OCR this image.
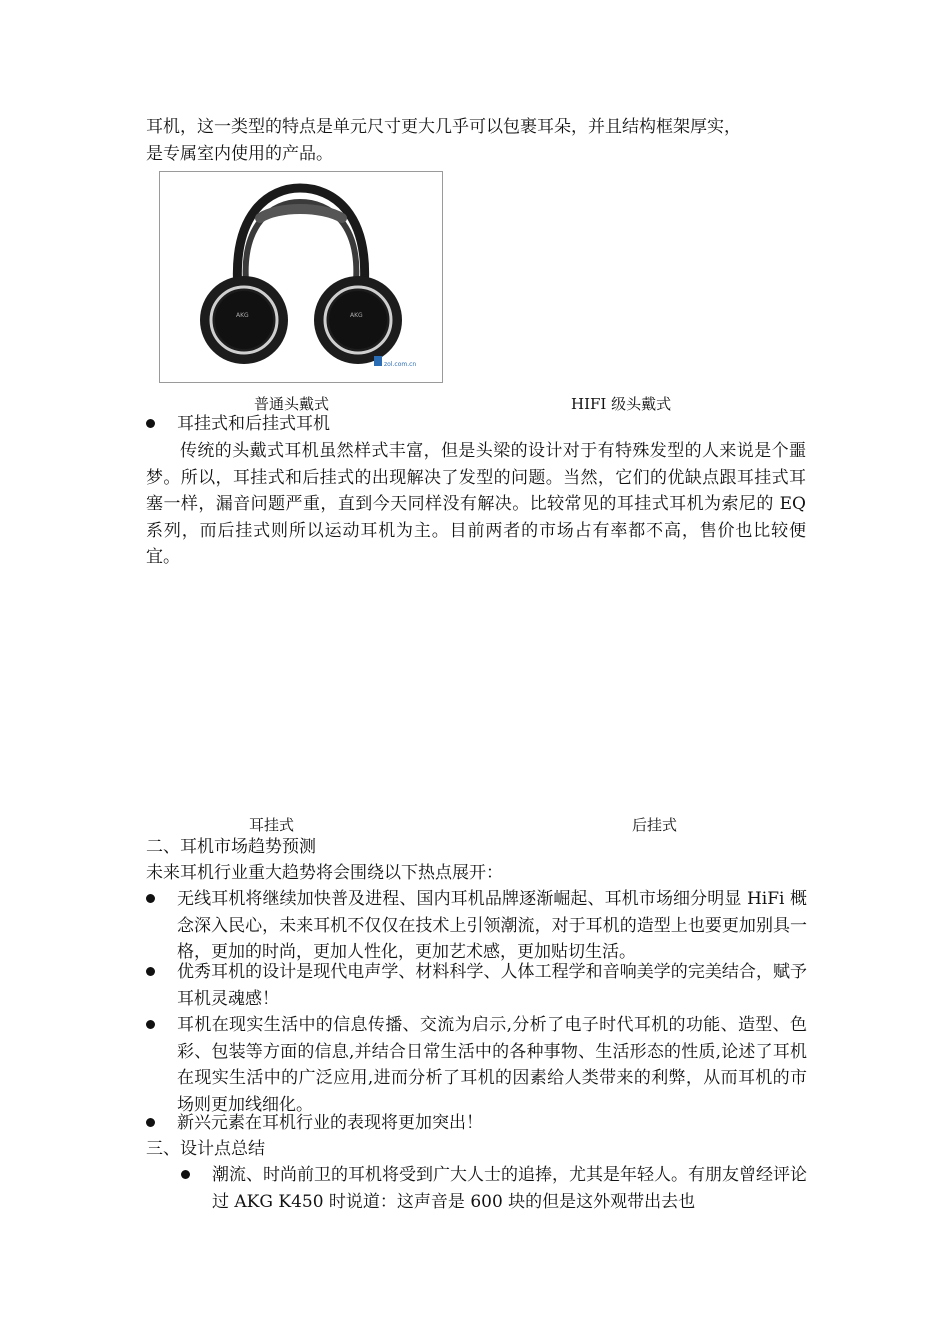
耳机，这一类型的特点是单元尺寸更大几乎可以包裹耳朵，并且结构框架厚实，
是专属室内使用的产品。
AKG	AKG
zol.com.cn
普通头戴式	HIFI 级头戴式
耳挂式和后挂式耳机
传统的头戴式耳机虽然样式丰富，但是头梁的设计对于有特殊发型的人来说是个噩梦。所以，耳挂式和后挂式的出现解决了发型的问题。当然，它们的优缺点跟耳挂式耳塞一样，漏音问题严重，直到今天同样没有解决。比较常见的耳挂式耳机为索尼的 EQ 系列，而后挂式则所以运动耳机为主。目前两者的市场占有率都不高，售价也比较便宜。
耳挂式	后挂式
二、耳机市场趋势预测
未来耳机行业重大趋势将会围绕以下热点展开：
无线耳机将继续加快普及进程、国内耳机品牌逐渐崛起、耳机市场细分明显 HiFi 概念深入民心，未来耳机不仅仅在技术上引领潮流，对于耳机的造型上也要更加别具一格，更加的时尚，更加人性化，更加艺术感，更加贴切生活。
优秀耳机的设计是现代电声学、材料科学、人体工程学和音响美学的完美结合，赋予耳机灵魂感！
耳机在现实生活中的信息传播、交流为启示,分析了电子时代耳机的功能、造型、色彩、包装等方面的信息,并结合日常生活中的各种事物、生活形态的性质,论述了耳机在现实生活中的广泛应用,进而分析了耳机的因素给人类带来的利弊，从而耳机的市场则更加线细化。
新兴元素在耳机行业的表现将更加突出！
三、设计点总结
潮流、时尚前卫的耳机将受到广大人士的追捧，尤其是年轻人。有朋友曾经评论过 AKG K450 时说道：这声音是 600 块的但是这外观带出去也
